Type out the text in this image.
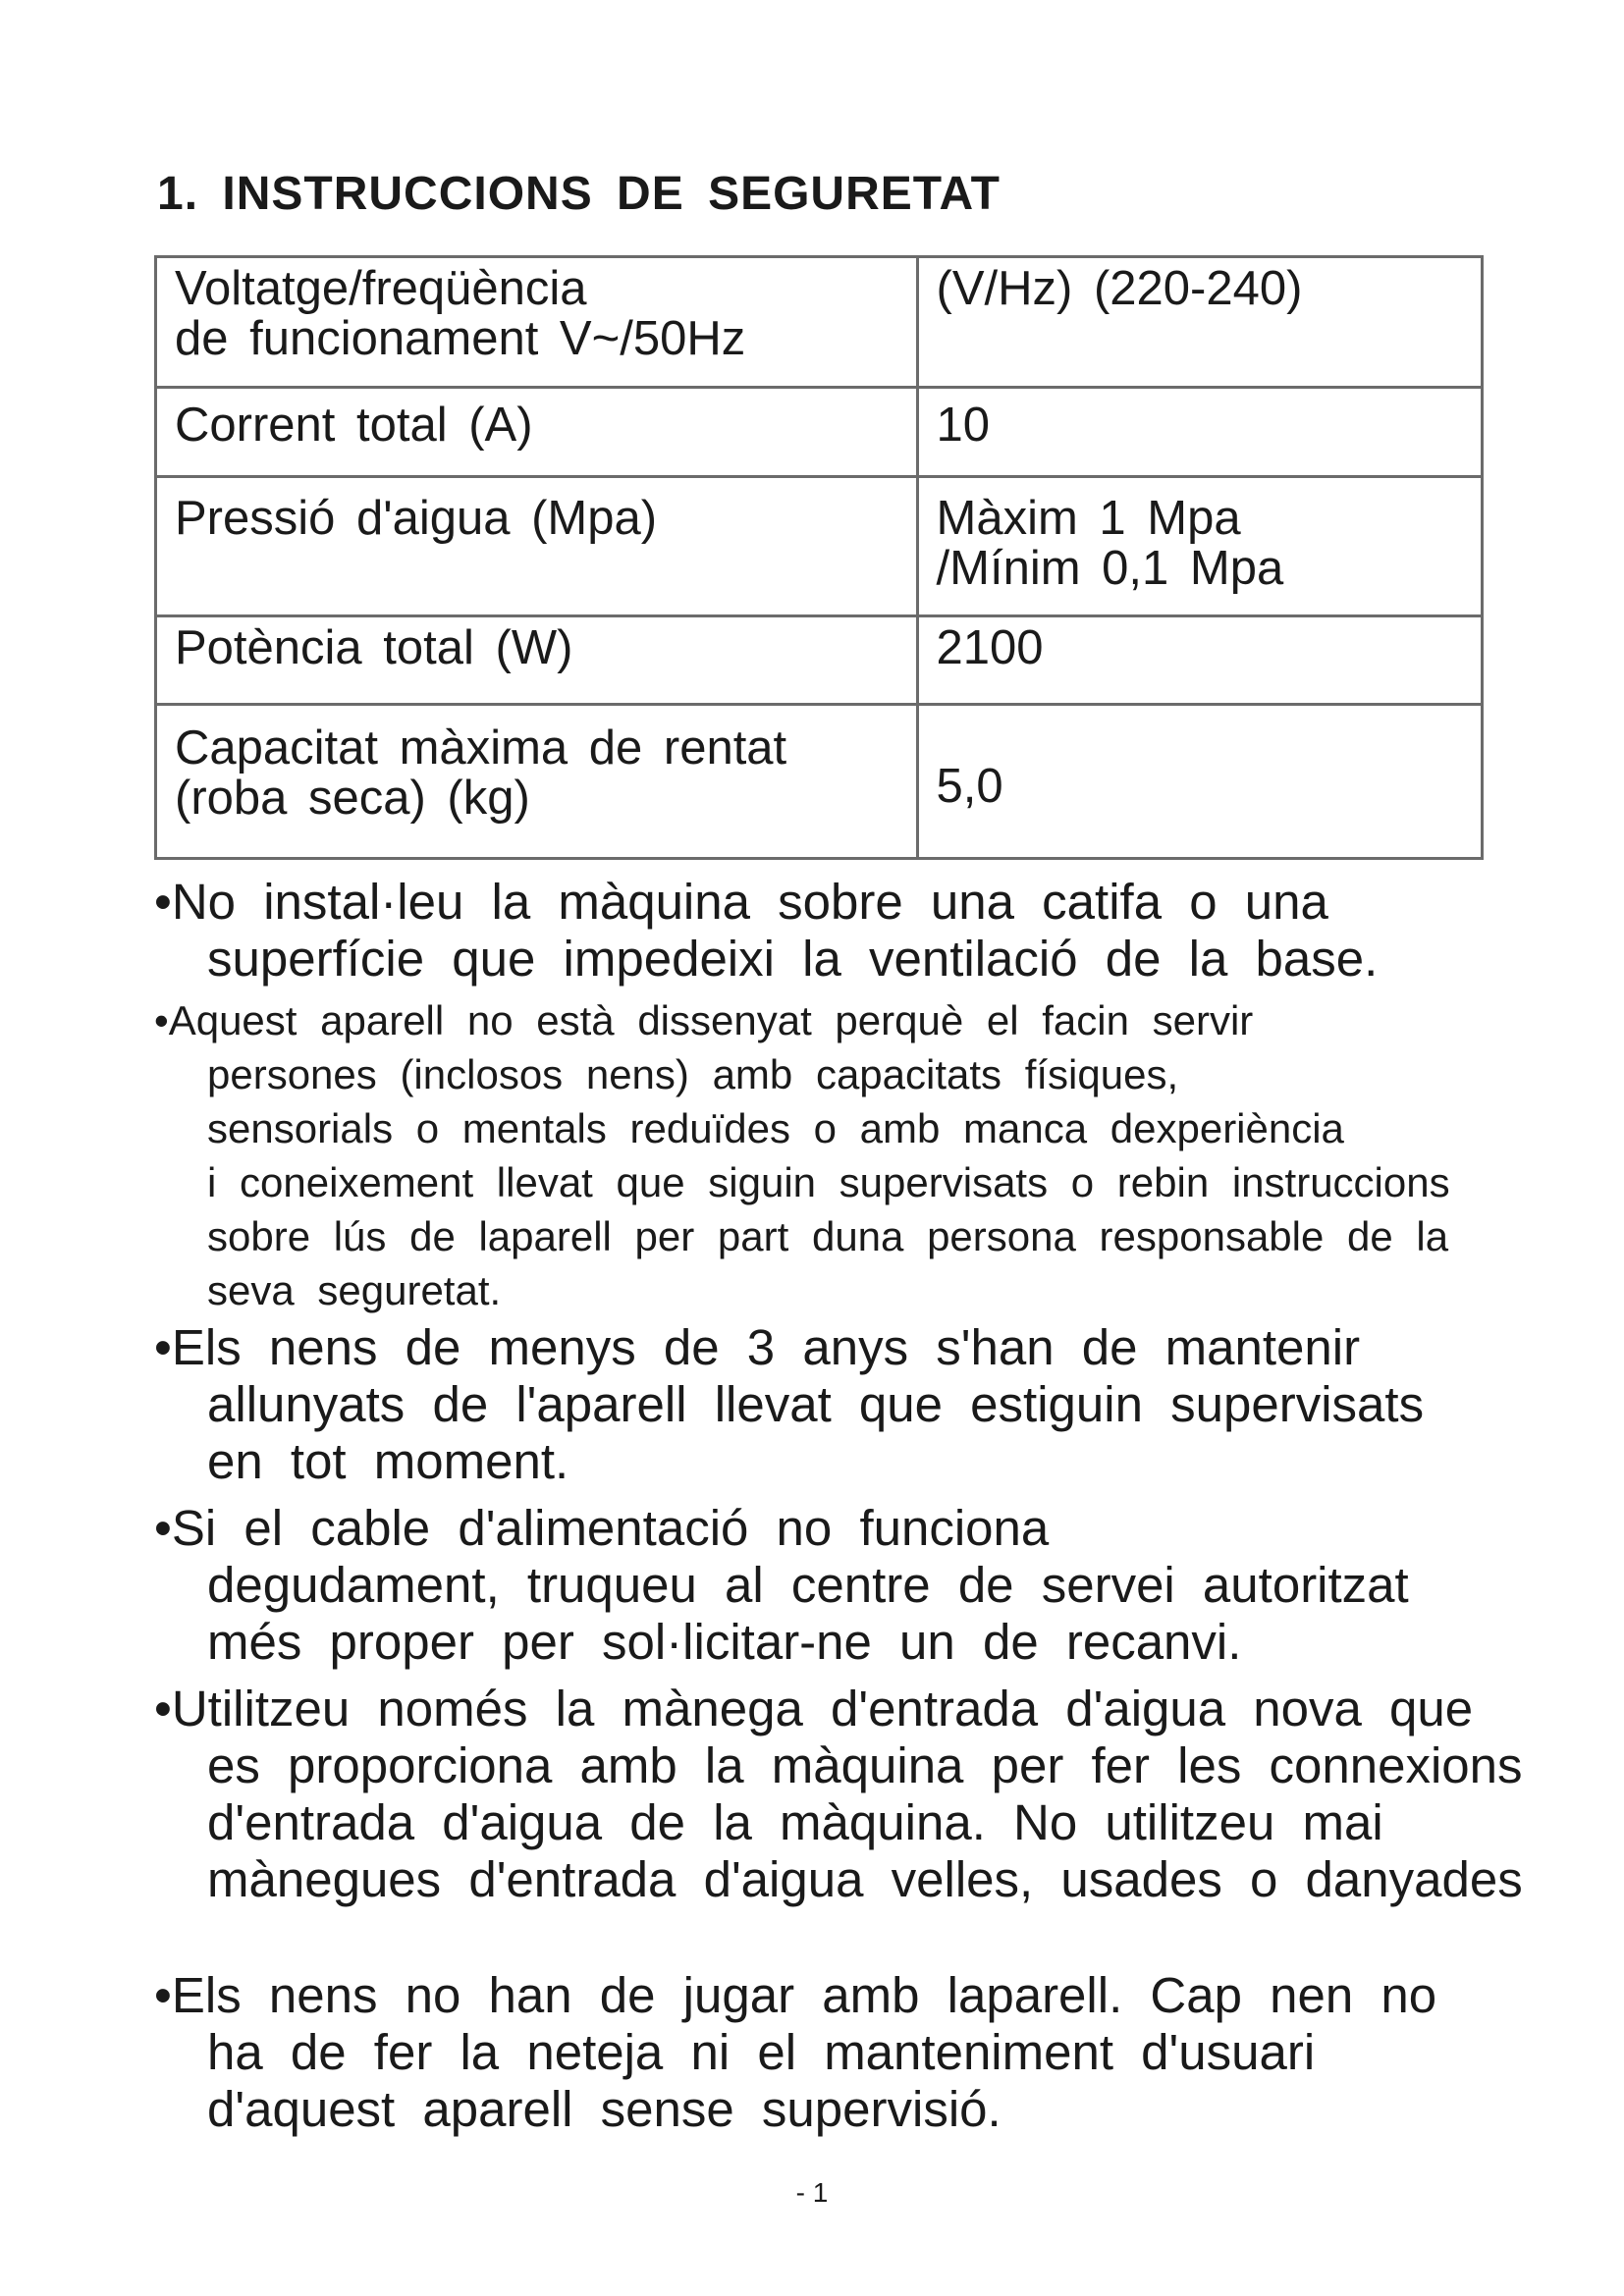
1. INSTRUCCIONS DE SEGURETAT
Voltatge/freqüència
de funcionament V~/50Hz	(V/Hz) (220-240)

Corrent total (A)	10

Pressió d'aigua (Mpa)	Màxim 1 Mpa
/Mínim 0,1 Mpa

Potència total (W)	2100

Capacitat màxima de rentat
(roba seca) (kg)	5,0

•No instal·leu la màquina sobre una catifa o una
superfície que impedeixi la ventilació de la base.

•Aquest aparell no està dissenyat perquè el facin servir
persones (inclosos nens) amb capacitats físiques,
sensorials o mentals reduïdes o amb manca dexperiència
i coneixement llevat que siguin supervisats o rebin instruccions
sobre lús de laparell per part duna persona responsable de la
seva seguretat.

•Els nens de menys de 3 anys s'han de mantenir
allunyats de l'aparell llevat que estiguin supervisats
en tot moment.

•Si el cable d'alimentació no funciona
degudament, truqueu al centre de servei autoritzat
més proper per sol·licitar-ne un de recanvi.

•Utilitzeu només la mànega d'entrada d'aigua nova que
es proporciona amb la màquina per fer les connexions
d'entrada d'aigua de la màquina. No utilitzeu mai
mànegues d'entrada d'aigua velles, usades o danyades

•Els nens no han de jugar amb laparell. Cap nen no
ha de fer la neteja ni el manteniment d'usuari
d'aquest aparell sense supervisió.

- 1
